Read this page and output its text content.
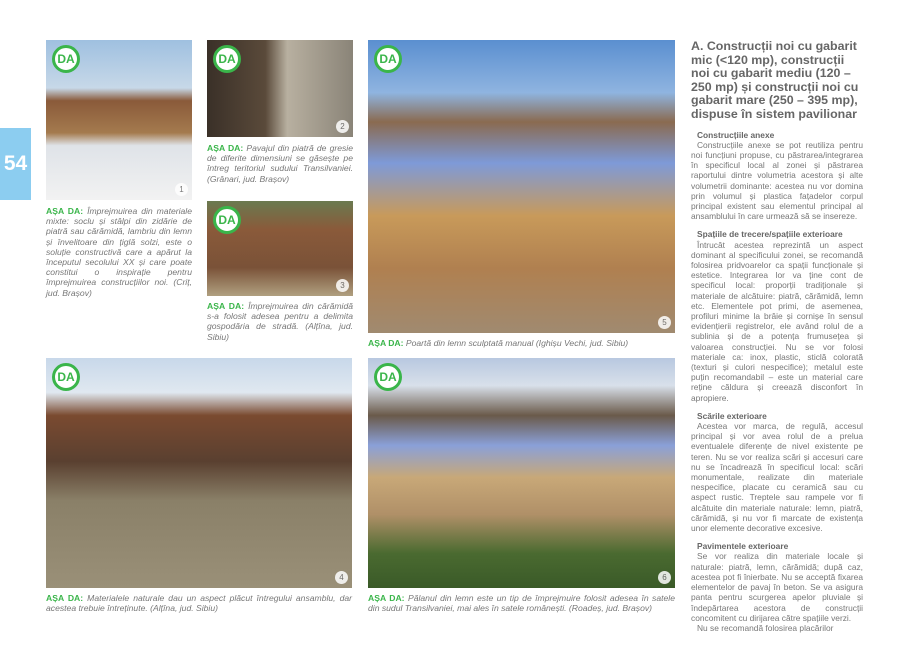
54
DA
1
AȘA DA: Împrejmuirea din materiale mixte: soclu și stâlpi din zidărie de piatră sau cărămidă, lambriu din lemn și învelitoare din țiglă solzi, este o soluție constructivă care a apărut la începutul secolului XX și care poate constitui o inspirație pentru împrejmuirea construcțiilor noi. (Criț, jud. Brașov)
DA
2
AȘA DA: Pavajul din piatră de gresie de diferite dimensiuni se găsește pe întreg teritoriul sudului Transilvaniei. (Grânari, jud. Brașov)
DA
3
AȘA DA: Împrejmuirea din cărămidă s-a folosit adesea pentru a delimita gospodăria de stradă. (Alțîna, jud. Sibiu)
DA
5
AȘA DA: Poartă din lemn sculptată manual (Ighișu Vechi, jud. Sibiu)
DA
4
AȘA DA: Materialele naturale dau un aspect plăcut întregului ansamblu, dar acestea trebuie întreținute. (Alțîna, jud. Sibiu)
DA
6
AȘA DA: Pălanul din lemn este un tip de împrejmuire folosit adesea în satele din sudul Transilvaniei, mai ales în satele românești. (Roadeș, jud. Brașov)
A. Construcții noi cu gabarit mic (<120 mp), construcții noi cu gabarit mediu (120 – 250 mp) și construcții noi cu gabarit mare (250 – 395 mp), dispuse în sistem pavilionar
Construcțiile anexe

Construcțiile anexe se pot reutiliza pentru noi funcțiuni propuse, cu păstrarea/integrarea în specificul local al zonei și păstrarea raportului dintre volumetria acestora și alte volumetrii dominante: acestea nu vor domina prin volumul și plastica fațadelor corpul principal existent sau elementul principal al ansamblului în care urmează să se insereze.

Spațiile de trecere/spațiile exterioare

Întrucât acestea reprezintă un aspect dominant al specificului zonei, se recomandă folosirea pridvoarelor ca spații funcționale și estetice. Integrarea lor va ține cont de specificul local: proporții tradiționale și materiale de alcătuire: piatră, cărămidă, lemn etc. Elementele pot primi, de asemenea, profiluri minime la brâie și cornișe în sensul evidențierii registrelor, ele având rolul de a sublinia și de a potența frumusețea și valoarea construcției. Nu se vor folosi materiale ca: inox, plastic, sticlă colorată (texturi și culori nespecifice); metalul este puțin recomandabil – este un material care reține căldura și creează disconfort în apropiere.

Scările exterioare

Acestea vor marca, de regulă, accesul principal și vor avea rolul de a prelua eventualele diferențe de nivel existente pe teren. Nu se vor realiza scări și accesuri care nu se încadrează în specificul local: scări monumentale, realizate din materiale nespecifice, placate cu ceramică sau cu aspect rustic. Treptele sau rampele vor fi alcătuite din materiale naturale: lemn, piatră, cărămidă, și nu vor fi marcate de existența unor elemente decorative excesive.

Pavimentele exterioare

Se vor realiza din materiale locale și naturale: piatră, lemn, cărămidă; după caz, acestea pot fi înierbate. Nu se acceptă fixarea elementelor de pavaj în beton. Se va asigura panta pentru scurgerea apelor pluviale și îndepărtarea acestora de construcții concomitent cu dirijarea către spațiile verzi.

Nu se recomandă folosirea placărilor
